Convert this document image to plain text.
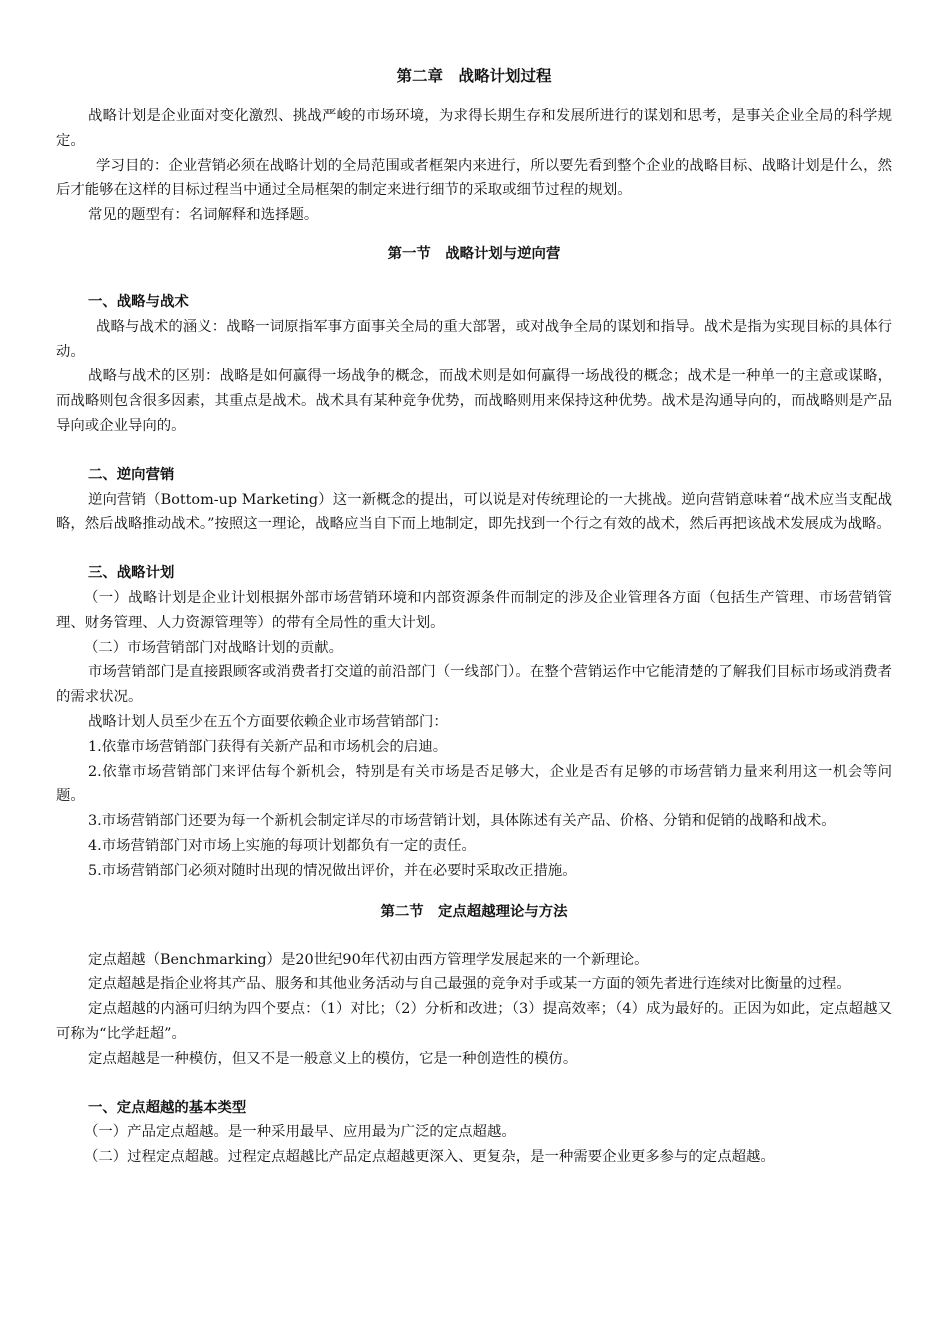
第二章　战略计划过程

战略计划是企业面对变化激烈、挑战严峻的市场环境，为求得长期生存和发展所进行的谋划和思考，是事关企业全局的科学规定。

学习目的：企业营销必须在战略计划的全局范围或者框架内来进行，所以要先看到整个企业的战略目标、战略计划是什么，然后才能够在这样的目标过程当中通过全局框架的制定来进行细节的采取或细节过程的规划。

常见的题型有：名词解释和选择题。

第一节　战略计划与逆向营
一、战略与战术

战略与战术的涵义：战略一词原指军事方面事关全局的重大部署，或对战争全局的谋划和指导。战术是指为实现目标的具体行动。

战略与战术的区别：战略是如何赢得一场战争的概念，而战术则是如何赢得一场战役的概念；战术是一种单一的主意或谋略，而战略则包含很多因素，其重点是战术。战术具有某种竞争优势，而战略则用来保持这种优势。战术是沟通导向的，而战略则是产品导向或企业导向的。

二、逆向营销

逆向营销（Bottom-up Marketing）这一新概念的提出，可以说是对传统理论的一大挑战。逆向营销意味着“战术应当支配战略，然后战略推动战术。”按照这一理论，战略应当自下而上地制定，即先找到一个行之有效的战术，然后再把该战术发展成为战略。

三、战略计划

（一）战略计划是企业计划根据外部市场营销环境和内部资源条件而制定的涉及企业管理各方面（包括生产管理、市场营销管理、财务管理、人力资源管理等）的带有全局性的重大计划。

（二）市场营销部门对战略计划的贡献。

市场营销部门是直接跟顾客或消费者打交道的前沿部门（一线部门）。在整个营销运作中它能清楚的了解我们目标市场或消费者的需求状况。

战略计划人员至少在五个方面要依赖企业市场营销部门：

1.依靠市场营销部门获得有关新产品和市场机会的启迪。

2.依靠市场营销部门来评估每个新机会，特别是有关市场是否足够大，企业是否有足够的市场营销力量来利用这一机会等问题。

3.市场营销部门还要为每一个新机会制定详尽的市场营销计划，具体陈述有关产品、价格、分销和促销的战略和战术。

4.市场营销部门对市场上实施的每项计划都负有一定的责任。

5.市场营销部门必须对随时出现的情况做出评价，并在必要时采取改正措施。

第二节　定点超越理论与方法

定点超越（Benchmarking）是20世纪90年代初由西方管理学发展起来的一个新理论。

定点超越是指企业将其产品、服务和其他业务活动与自己最强的竞争对手或某一方面的领先者进行连续对比衡量的过程。

定点超越的内涵可归纳为四个要点：（1）对比；（2）分析和改进；（3）提高效率；（4）成为最好的。正因为如此，定点超越又可称为“比学赶超”。

定点超越是一种模仿，但又不是一般意义上的模仿，它是一种创造性的模仿。

一、定点超越的基本类型

（一）产品定点超越。是一种采用最早、应用最为广泛的定点超越。

（二）过程定点超越。过程定点超越比产品定点超越更深入、更复杂，是一种需要企业更多参与的定点超越。
